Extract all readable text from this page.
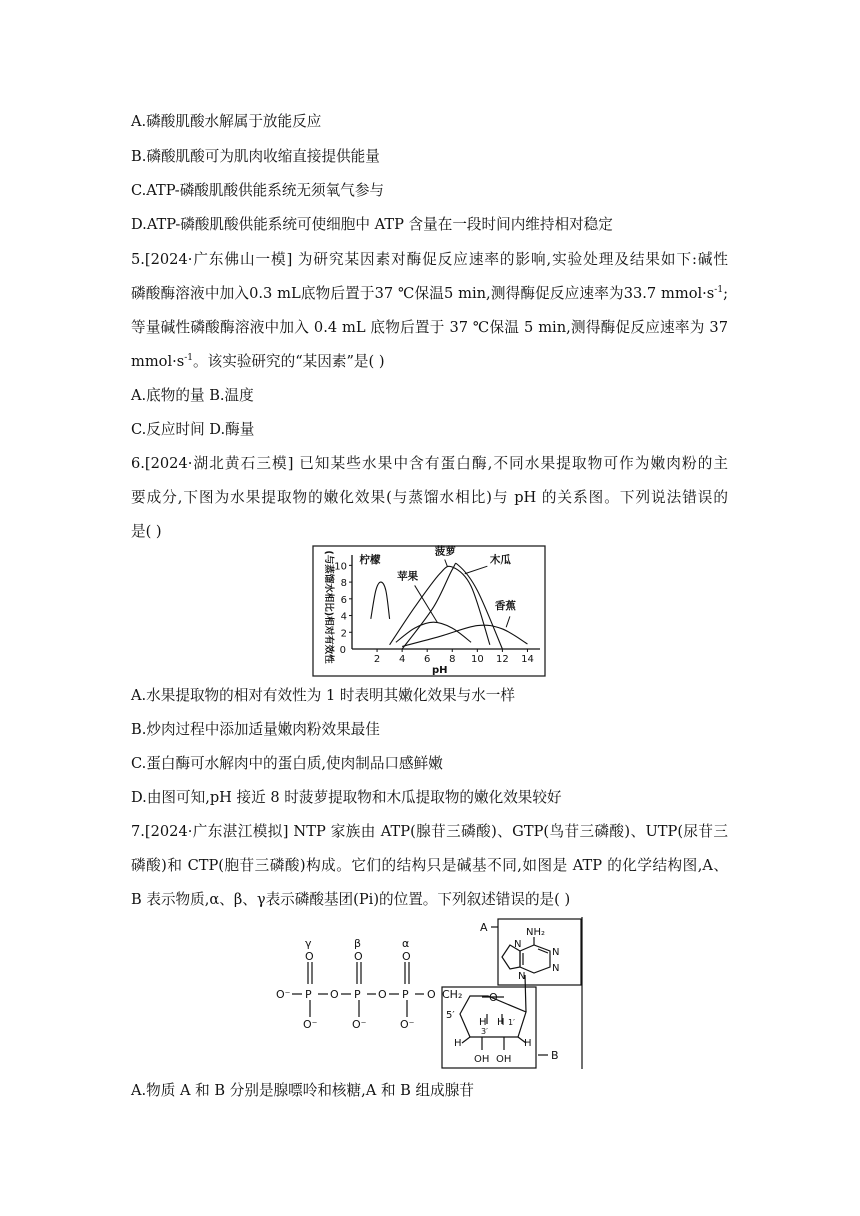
A.磷酸肌酸水解属于放能反应
B.磷酸肌酸可为肌肉收缩直接提供能量
C.ATP-磷酸肌酸供能系统无须氧气参与
D.ATP-磷酸肌酸供能系统可使细胞中 ATP 含量在一段时间内维持相对稳定
5.[2024·广东佛山一模] 为研究某因素对酶促反应速率的影响,实验处理及结果如下:碱性
磷酸酶溶液中加入0.3 mL底物后置于37 ℃保温5 min,测得酶促反应速率为33.7 $mmol\cdot s^{-1}$;
等量碱性磷酸酶溶液中加入 0.4 mL 底物后置于 37 ℃保温 5 min,测得酶促反应速率为 37
$mmol\cdot s^{-1}$。该实验研究的“某因素”是( )
A.底物的量 B.温度
C.反应时间 D.酶量
6.[2024·湖北黄石三模] 已知某些水果中含有蛋白酶,不同水果提取物可作为嫩肉粉的主
要成分,下图为水果提取物的嫩化效果(与蒸馏水相比)与 pH 的关系图。下列说法错误的
是( )
(与蒸馏水相比)相对有效性	2 4 6 8 10 12 14
0
2
4
6
8
10
pH
柠檬
菠萝
苹果
木瓜
香蕉
A.水果提取物的相对有效性为 1 时表明其嫩化效果与水一样
B.炒肉过程中添加适量嫩肉粉效果最佳
C.蛋白酶可水解肉中的蛋白质,使肉制品口感鲜嫩
D.由图可知,pH 接近 8 时菠萝提取物和木瓜提取物的嫩化效果较好
7.[2024·广东湛江模拟] NTP 家族由 ATP(腺苷三磷酸)、GTP(鸟苷三磷酸)、UTP(尿苷三
磷酸)和 CTP(胞苷三磷酸)构成。它们的结构只是碱基不同,如图是 ATP 的化学结构图,A、
B 表示物质,α、β、γ表示磷酸基团(Pi)的位置。下列叙述错误的是( )
γ	β	α
O	O	O
O⁻ P O P O P O
O⁻	O⁻	O⁻
CH₂
5′
O
H H 1′
3′
H	H
OH OH
NH₂
N
N
N
N
A
B
A.物质 A 和 B 分别是腺嘌呤和核糖,A 和 B 组成腺苷
